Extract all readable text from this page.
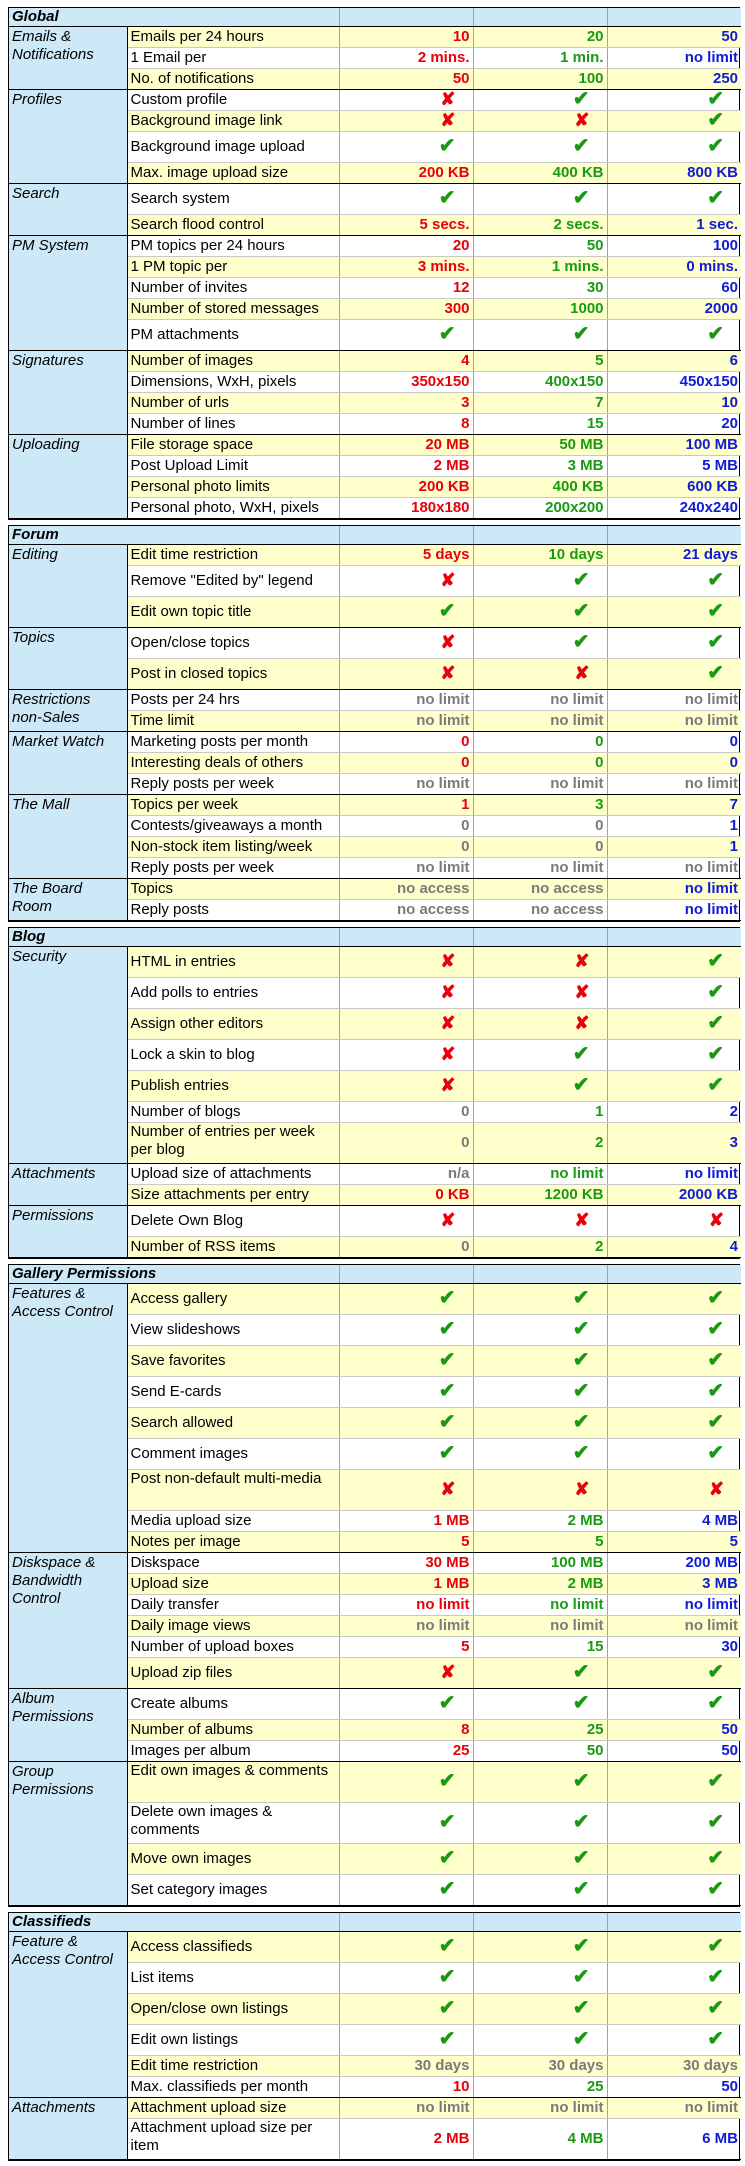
Global				
Emails & Notifications	Emails per 24 hours	10	20	50
	1 Email per	2 mins.	1 min.	no limit
	No. of notifications	50	100	250
Profiles	Custom profile	✘	✔	✔
	Background image link	✘	✘	✔
	Background image upload	✔	✔	✔
	Max. image upload size	200 KB	400 KB	800 KB
Search	Search system	✔	✔	✔
	Search flood control	5 secs.	2 secs.	1 sec.
PM System	PM topics per 24 hours	20	50	100
	1 PM topic per	3 mins.	1 mins.	0 mins.
	Number of invites	12	30	60
	Number of stored messages	300	1000	2000
	PM attachments	✔	✔	✔
Signatures	Number of images	4	5	6
	Dimensions, WxH, pixels	350x150	400x150	450x150
	Number of urls	3	7	10
	Number of lines	8	15	20
Uploading	File storage space	20 MB	50 MB	100 MB
	Post Upload Limit	2 MB	3 MB	5 MB
	Personal photo limits	200 KB	400 KB	600 KB
	Personal photo, WxH, pixels	180x180	200x200	240x240
Forum				
Editing	Edit time restriction	5 days	10 days	21 days
	Remove "Edited by" legend	✘	✔	✔
	Edit own topic title	✔	✔	✔
Topics	Open/close topics	✘	✔	✔
	Post in closed topics	✘	✘	✔
Restrictions non-Sales	Posts per 24 hrs	no limit	no limit	no limit
	Time limit	no limit	no limit	no limit
Market Watch	Marketing posts per month	0	0	0
	Interesting deals of others	0	0	0
	Reply posts per week	no limit	no limit	no limit
The Mall	Topics per week	1	3	7
	Contests/giveaways a month	0	0	1
	Non-stock item listing/week	0	0	1
	Reply posts per week	no limit	no limit	no limit
The Board Room	Topics	no access	no access	no limit
	Reply posts	no access	no access	no limit
Blog				
Security	HTML in entries	✘	✘	✔
	Add polls to entries	✘	✘	✔
	Assign other editors	✘	✘	✔
	Lock a skin to blog	✘	✔	✔
	Publish entries	✘	✔	✔
	Number of blogs	0	1	2
	Number of entries per week per blog	0	2	3
Attachments	Upload size of attachments	n/a	no limit	no limit
	Size attachments per entry	0 KB	1200 KB	2000 KB
Permissions	Delete Own Blog	✘	✘	✘
	Number of RSS items	0	2	4
Gallery Permissions				
Features & Access Control	Access gallery	✔	✔	✔
	View slideshows	✔	✔	✔
	Save favorites	✔	✔	✔
	Send E-cards	✔	✔	✔
	Search allowed	✔	✔	✔
	Comment images	✔	✔	✔
	Post non-default multi-media	✘	✘	✘
	Media upload size	1 MB	2 MB	4 MB
	Notes per image	5	5	5
Diskspace & Bandwidth Control	Diskspace	30 MB	100 MB	200 MB
	Upload size	1 MB	2 MB	3 MB
	Daily transfer	no limit	no limit	no limit
	Daily image views	no limit	no limit	no limit
	Number of upload boxes	5	15	30
	Upload zip files	✘	✔	✔
Album Permissions	Create albums	✔	✔	✔
	Number of albums	8	25	50
	Images per album	25	50	50
Group Permissions	Edit own images & comments	✔	✔	✔
	Delete own images & comments	✔	✔	✔
	Move own images	✔	✔	✔
	Set category images	✔	✔	✔
Classifieds				
Feature & Access Control	Access classifieds	✔	✔	✔
	List items	✔	✔	✔
	Open/close own listings	✔	✔	✔
	Edit own listings	✔	✔	✔
	Edit time restriction	30 days	30 days	30 days
	Max. classifieds per month	10	25	50
Attachments	Attachment upload size	no limit	no limit	no limit
	Attachment upload size per item	2 MB	4 MB	6 MB
